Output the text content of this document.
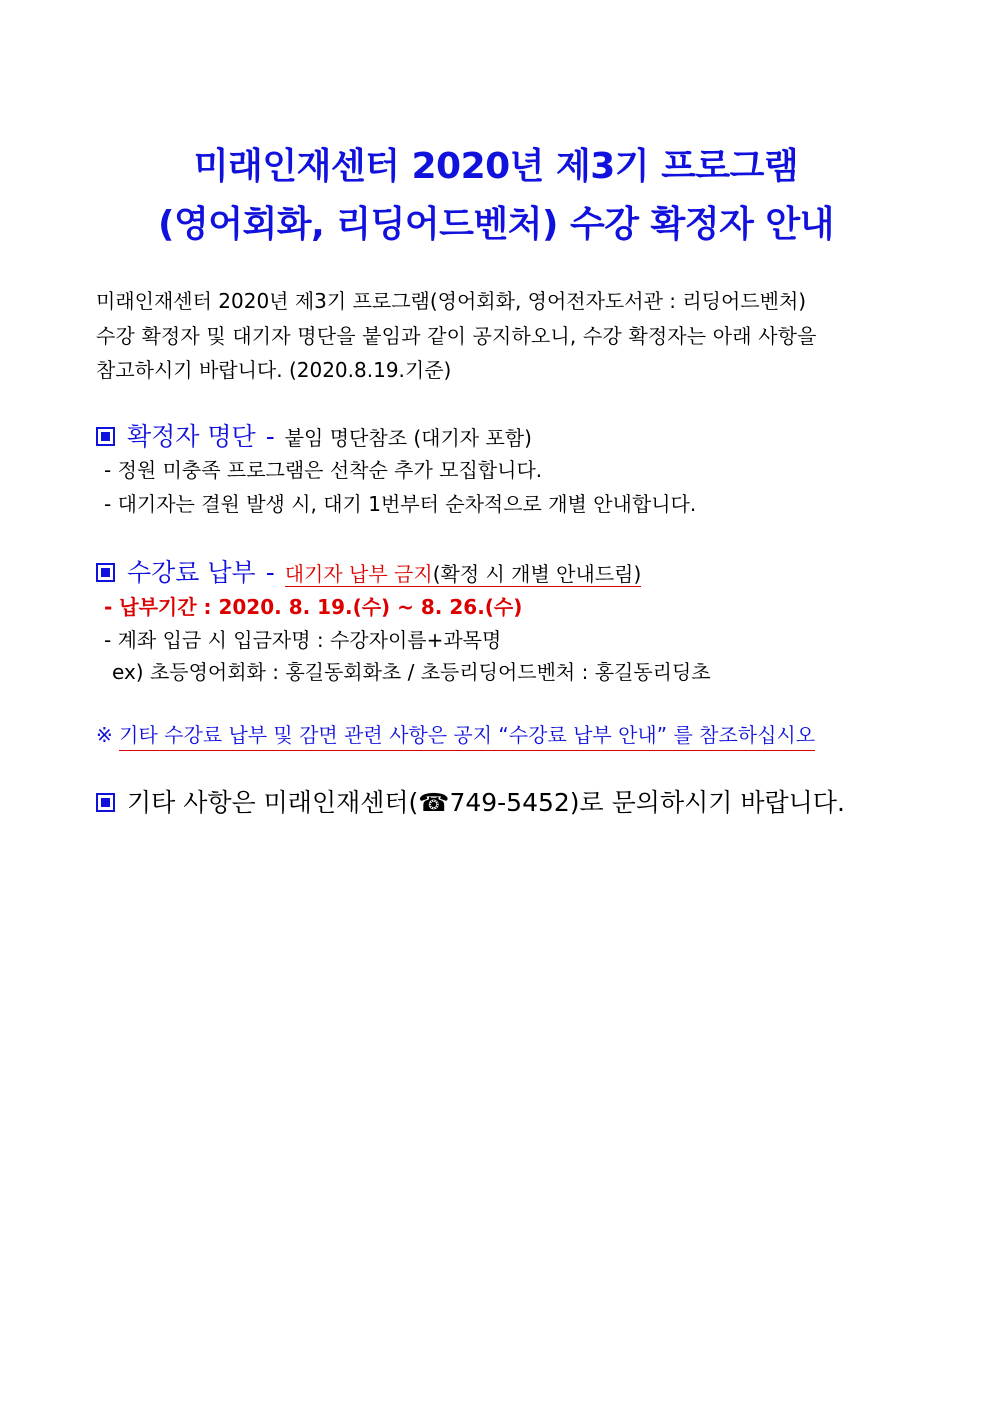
미래인재센터 2020년 제3기 프로그램
(영어회화, 리딩어드벤처) 수강 확정자 안내
미래인재센터 2020년 제3기 프로그램(영어회화, 영어전자도서관 : 리딩어드벤처)
수강 확정자 및 대기자 명단을 붙임과 같이 공지하오니, 수강 확정자는 아래 사항을
참고하시기 바랍니다. (2020.8.19.기준)
확정자 명단 - 붙임 명단참조 (대기자 포함)
- 정원 미충족 프로그램은 선착순 추가 모집합니다.
- 대기자는 결원 발생 시, 대기 1번부터 순차적으로 개별 안내합니다.
수강료 납부 - 대기자 납부 금지(확정 시 개별 안내드림)
- 납부기간 : 2020. 8. 19.(수) ~ 8. 26.(수)
- 계좌 입금 시 입금자명 : 수강자이름+과목명
ex) 초등영어회화 : 홍길동회화초 / 초등리딩어드벤처 : 홍길동리딩초
※ 기타 수강료 납부 및 감면 관련 사항은 공지 “수강료 납부 안내” 를 참조하십시오
기타 사항은 미래인재센터(☎749-5452)로 문의하시기 바랍니다.
